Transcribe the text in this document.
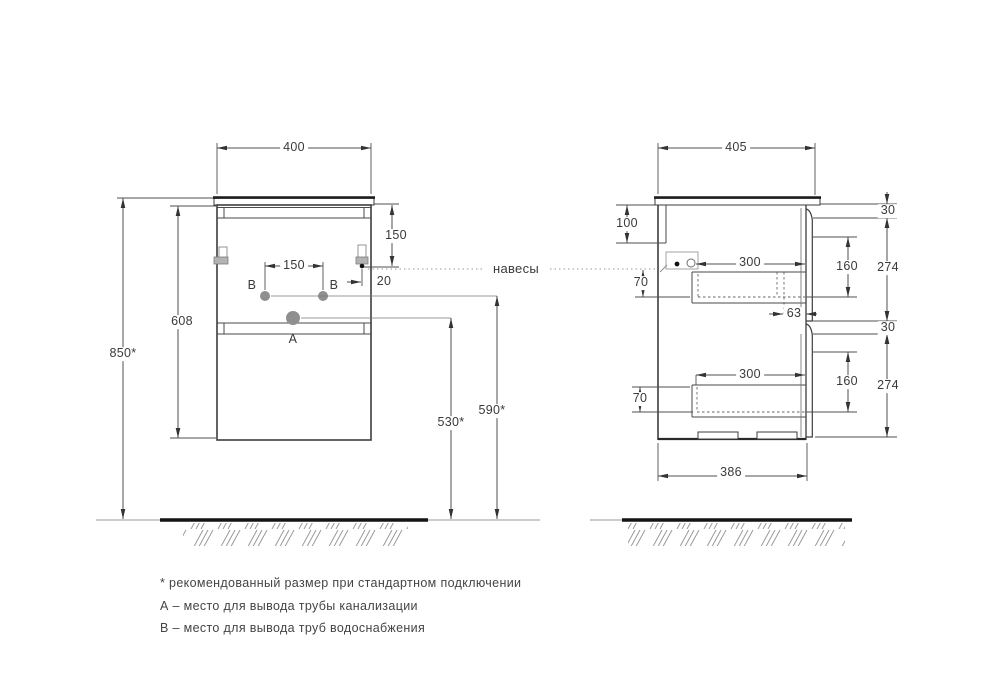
400
608
850*
150
20
150
B	B
A
530*
590*
навесы
405
100
70
300
63
30
160 274
30
160 274
70
300
386
* рекомендованный размер при стандартном подключении
А – место для вывода трубы канализации
В – место для вывода труб водоснабжения
